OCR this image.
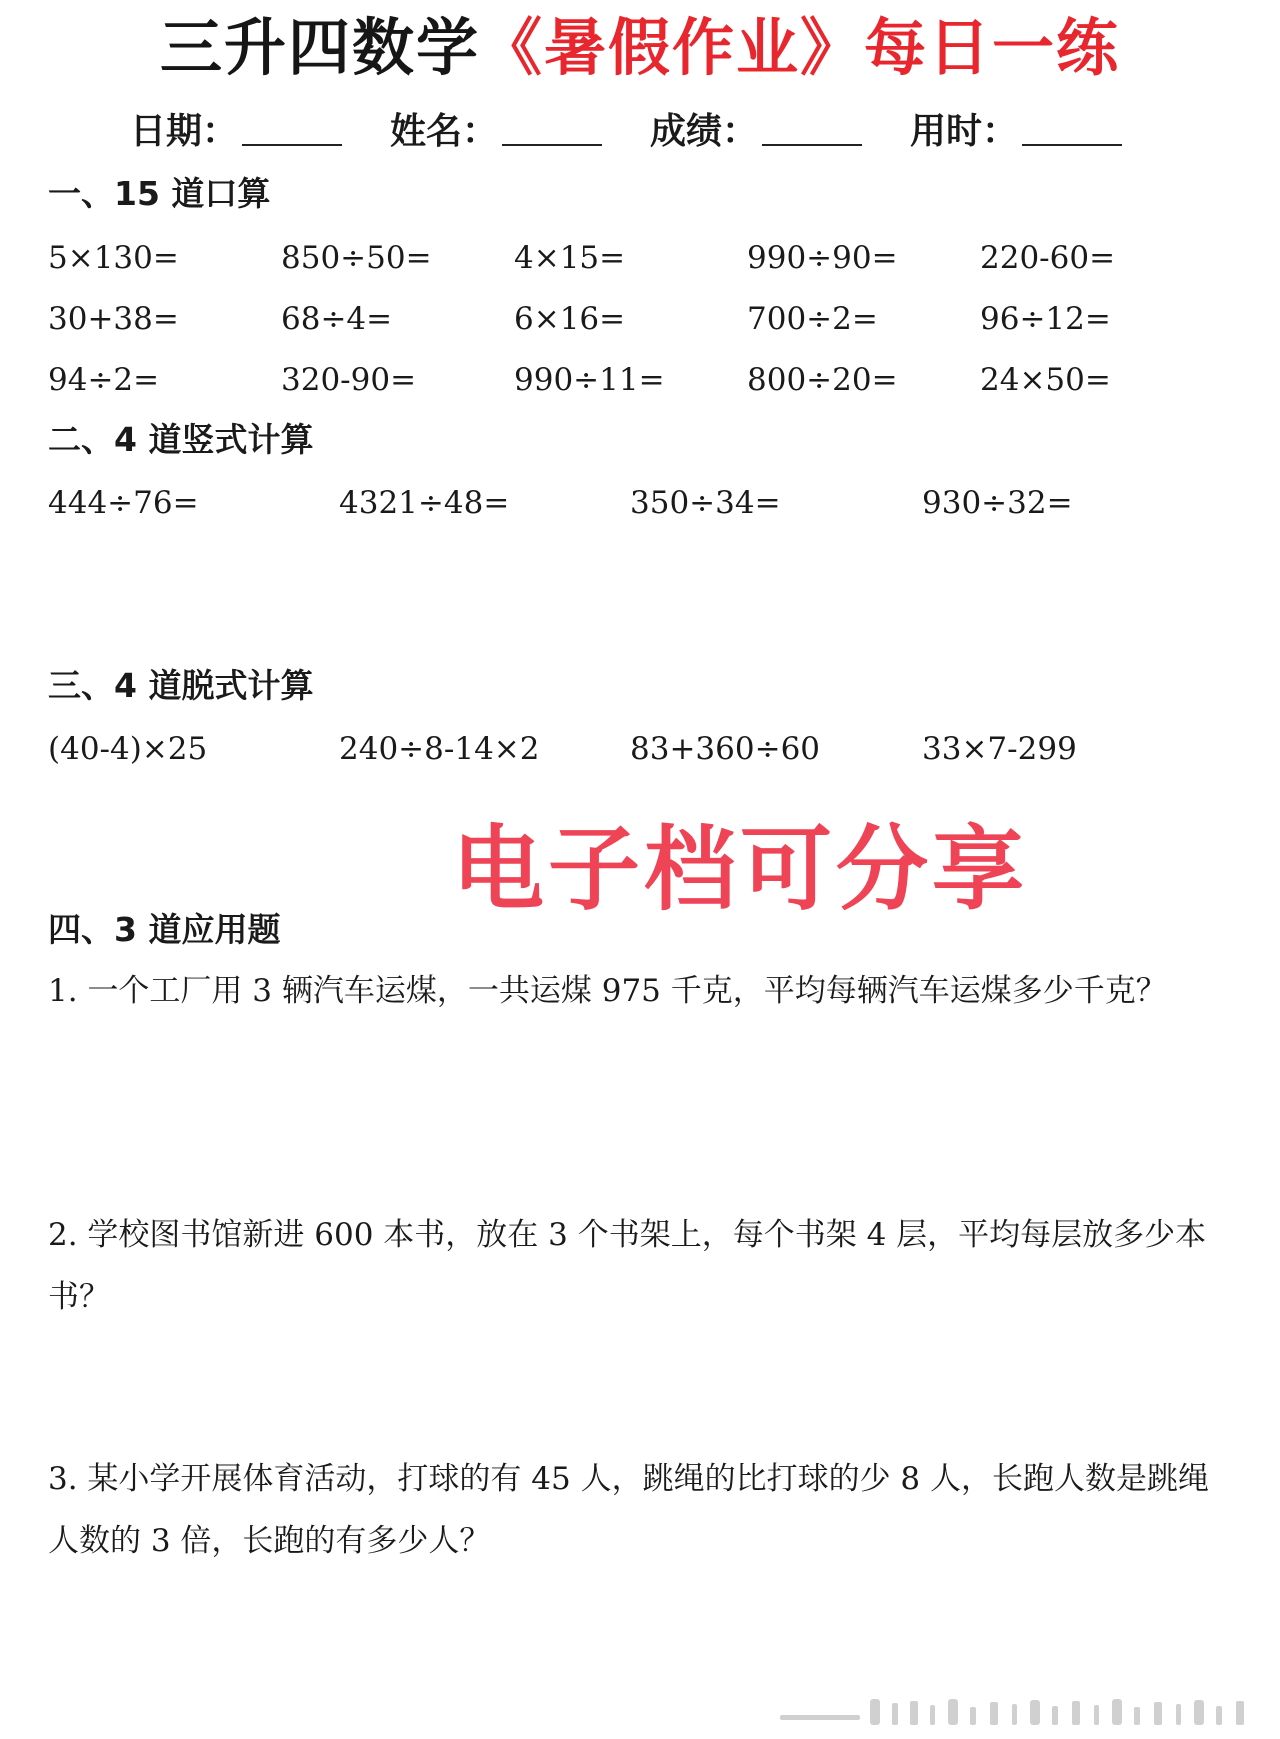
三升四数学《暑假作业》每日一练
日期：	姓名：	成绩：	用时：
一、15 道口算
5×130=	850÷50=	4×15=	990÷90=	220-60=
30+38=	68÷4=	6×16=	700÷2=	96÷12=
94÷2=	320-90=	990÷11=	800÷20=	24×50=
二、4 道竖式计算
444÷76=	4321÷48=	350÷34=	930÷32=
三、4 道脱式计算
(40-4)×25	240÷8-14×2	83+360÷60	33×7-299
电子档可分享
四、3 道应用题
1. 一个工厂用 3 辆汽车运煤，一共运煤 975 千克，平均每辆汽车运煤多少千克？
2. 学校图书馆新进 600 本书，放在 3 个书架上，每个书架 4 层，平均每层放多少本书？
3. 某小学开展体育活动，打球的有 45 人，跳绳的比打球的少 8 人，长跑人数是跳绳人数的 3 倍，长跑的有多少人？
